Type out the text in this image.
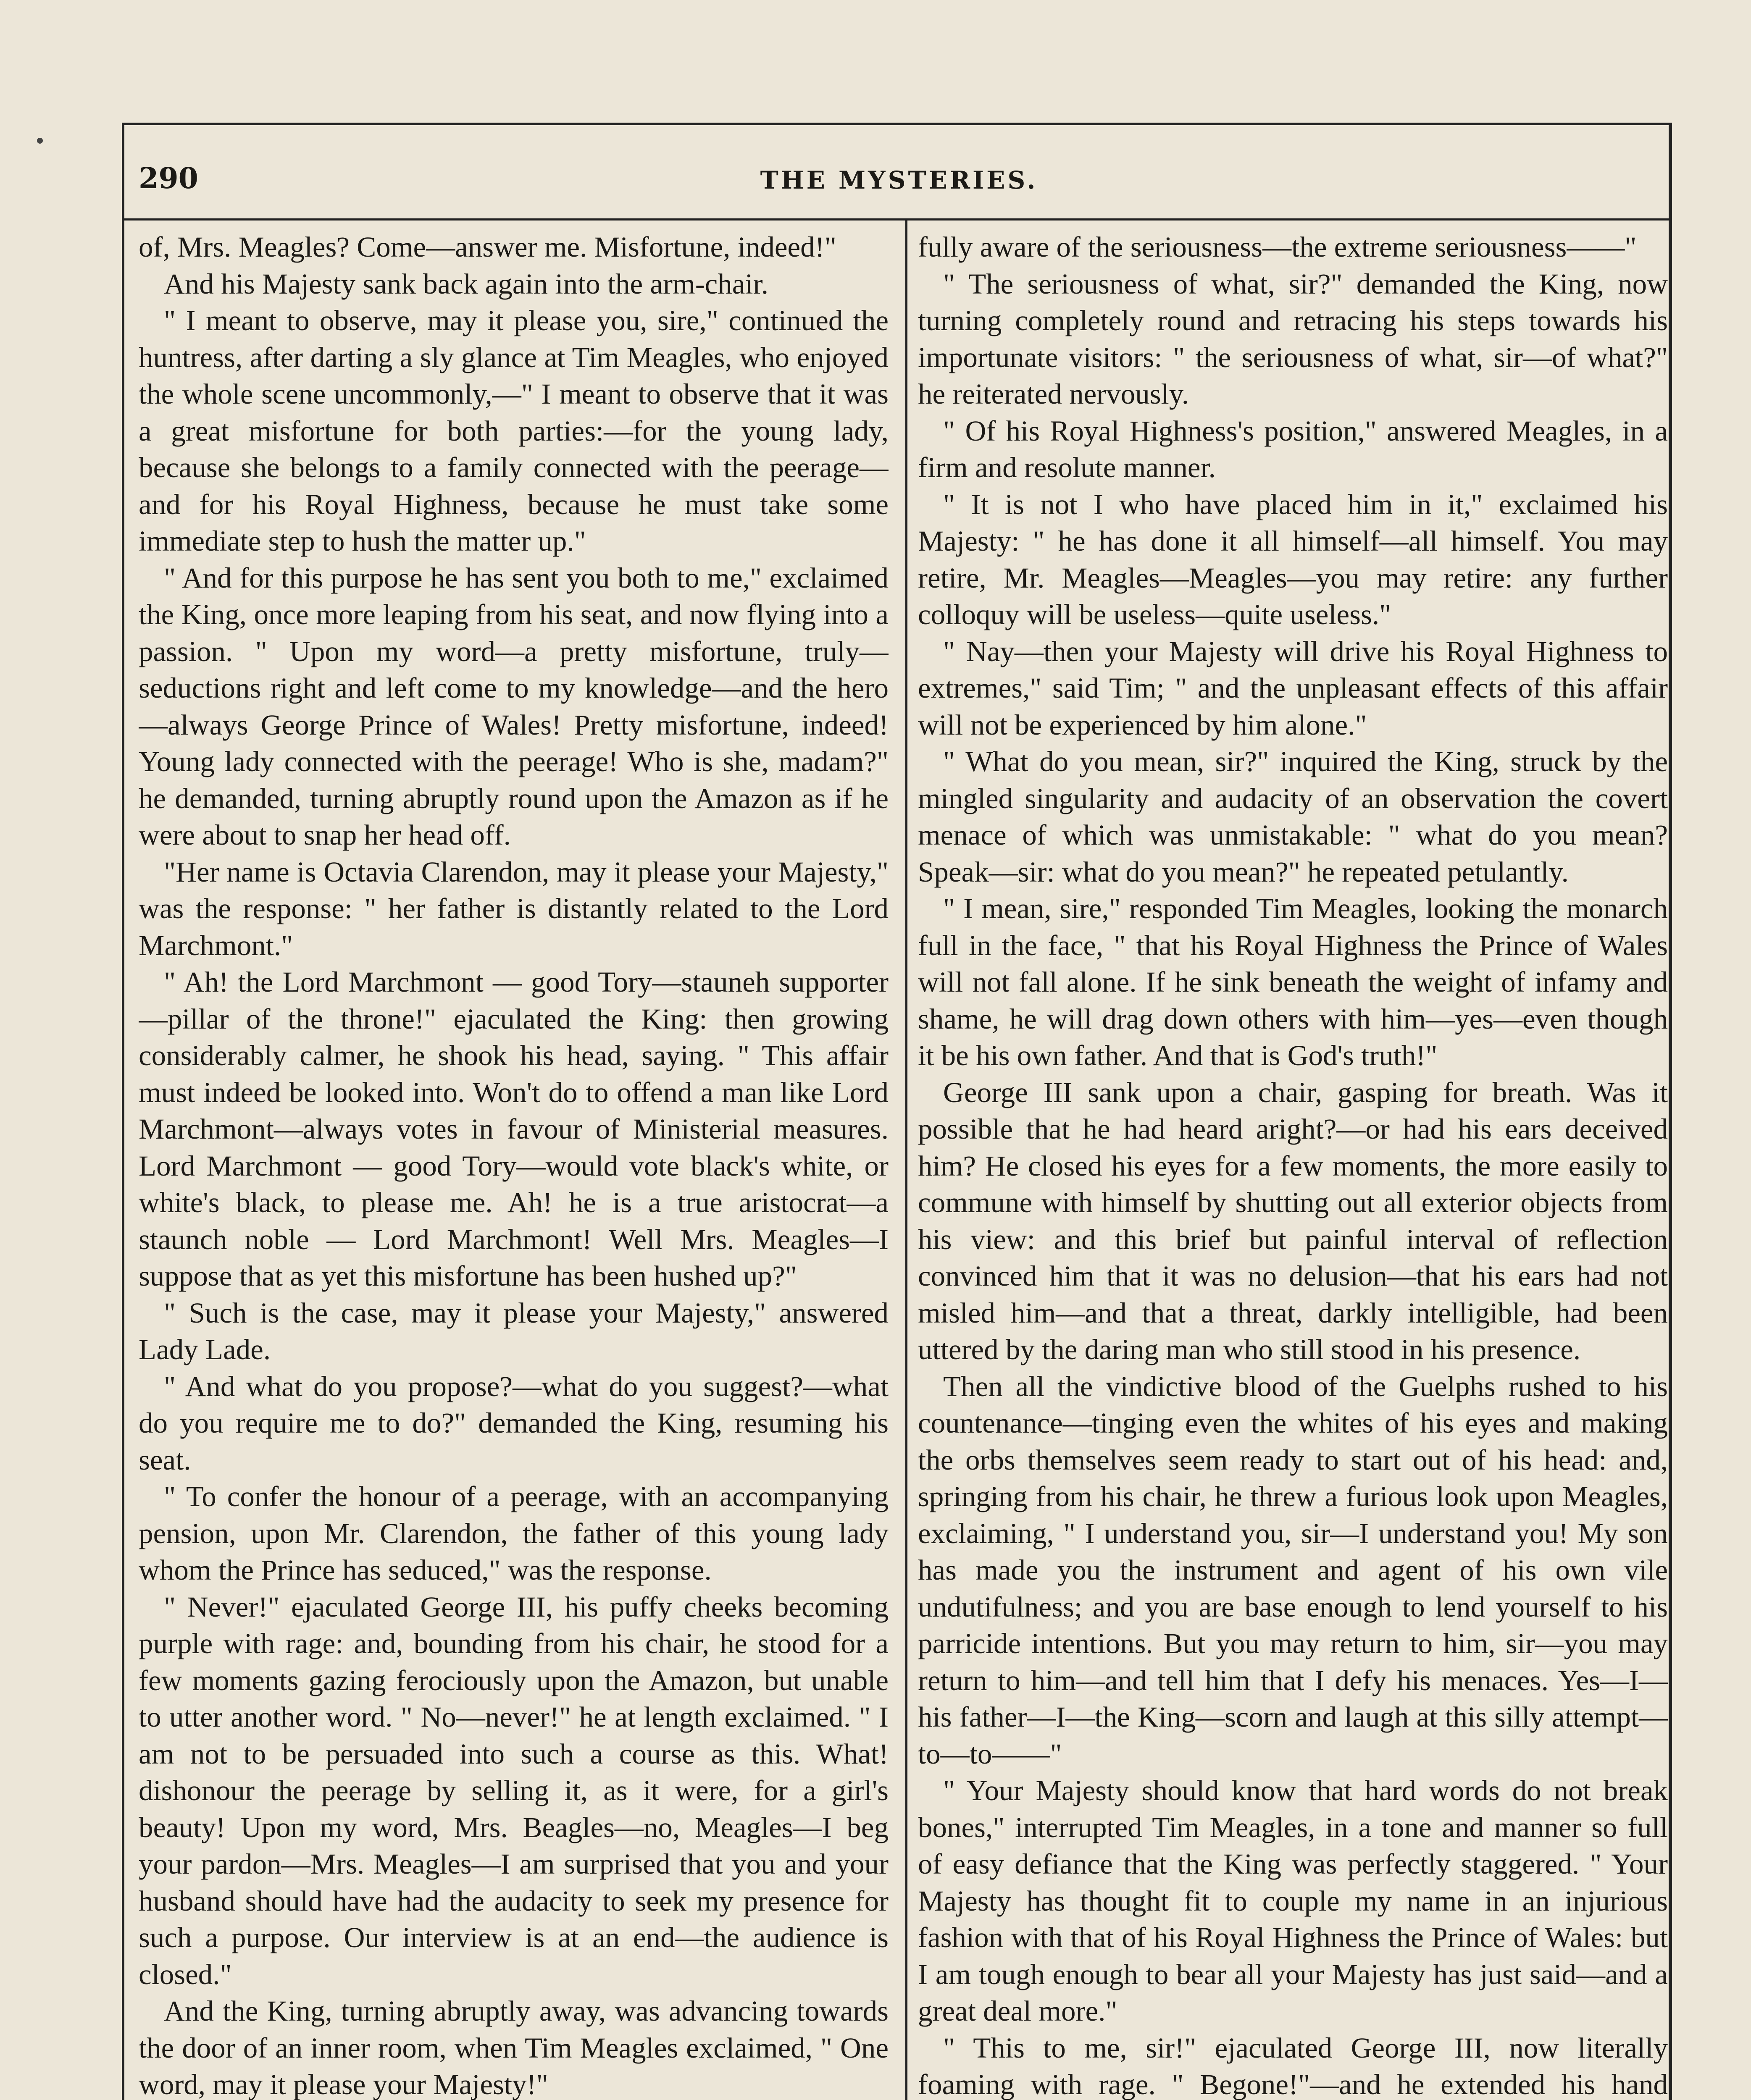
290	THE MYSTERIES.

of, Mrs. Meagles? Come—answer me. Misfortune, indeed!"

And his Majesty sank back again into the arm-chair.

" I meant to observe, may it please you, sire," continued the huntress, after darting a sly glance at Tim Meagles, who enjoyed the whole scene uncommonly,—" I meant to observe that it was a great misfortune for both parties:—for the young lady, because she belongs to a family connected with the peerage—and for his Royal Highness, because he must take some immediate step to hush the matter up."

" And for this purpose he has sent you both to me," exclaimed the King, once more leaping from his seat, and now flying into a passion. " Upon my word—a pretty misfortune, truly—seductions right and left come to my knowledge—and the hero—always George Prince of Wales! Pretty misfortune, indeed! Young lady connected with the peerage! Who is she, madam?" he demanded, turning abruptly round upon the Amazon as if he were about to snap her head off.

"Her name is Octavia Clarendon, may it please your Majesty," was the response: " her father is distantly related to the Lord Marchmont."

" Ah! the Lord Marchmont — good Tory—stauneh supporter—pillar of the throne!" ejaculated the King: then growing considerably calmer, he shook his head, saying. " This affair must indeed be looked into. Won't do to offend a man like Lord Marchmont—always votes in favour of Ministerial measures. Lord Marchmont — good Tory—would vote black's white, or white's black, to please me. Ah! he is a true aristocrat—a staunch noble — Lord Marchmont! Well Mrs. Meagles—I suppose that as yet this misfortune has been hushed up?"

" Such is the case, may it please your Majesty," answered Lady Lade.

" And what do you propose?—what do you suggest?—what do you require me to do?" demanded the King, resuming his seat.

" To confer the honour of a peerage, with an accompanying pension, upon Mr. Clarendon, the father of this young lady whom the Prince has seduced," was the response.

" Never!" ejaculated George III, his puffy cheeks becoming purple with rage: and, bounding from his chair, he stood for a few moments gazing ferociously upon the Amazon, but unable to utter another word. " No—never!" he at length exclaimed. " I am not to be persuaded into such a course as this. What! dishonour the peerage by selling it, as it were, for a girl's beauty! Upon my word, Mrs. Beagles—no, Meagles—I beg your pardon—Mrs. Meagles—I am surprised that you and your husband should have had the audacity to seek my presence for such a purpose. Our interview is at an end—the audience is closed."

And the King, turning abruptly away, was advancing towards the door of an inner room, when Tim Meagles exclaimed, " One word, may it please your Majesty!"

fully aware of the seriousness—the extreme seriousness——"

" The seriousness of what, sir?" demanded the King, now turning completely round and retracing his steps towards his importunate visitors: " the seriousness of what, sir—of what?" he reiterated nervously.

" Of his Royal Highness's position," answered Meagles, in a firm and resolute manner.

" It is not I who have placed him in it," exclaimed his Majesty: " he has done it all himself—all himself. You may retire, Mr. Meagles—Meagles—you may retire: any further colloquy will be useless—quite useless."

" Nay—then your Majesty will drive his Royal Highness to extremes," said Tim; " and the unpleasant effects of this affair will not be experienced by him alone."

" What do you mean, sir?" inquired the King, struck by the mingled singularity and audacity of an observation the covert menace of which was unmistakable: " what do you mean? Speak—sir: what do you mean?" he repeated petulantly.

" I mean, sire," responded Tim Meagles, looking the monarch full in the face, " that his Royal Highness the Prince of Wales will not fall alone. If he sink beneath the weight of infamy and shame, he will drag down others with him—yes—even though it be his own father. And that is God's truth!"

George III sank upon a chair, gasping for breath. Was it possible that he had heard aright?—or had his ears deceived him? He closed his eyes for a few moments, the more easily to commune with himself by shutting out all exterior objects from his view: and this brief but painful interval of reflection convinced him that it was no delusion—that his ears had not misled him—and that a threat, darkly intelligible, had been uttered by the daring man who still stood in his presence.

Then all the vindictive blood of the Guelphs rushed to his countenance—tinging even the whites of his eyes and making the orbs themselves seem ready to start out of his head: and, springing from his chair, he threw a furious look upon Meagles, exclaiming, " I understand you, sir—I understand you! My son has made you the instrument and agent of his own vile undutifulness; and you are base enough to lend yourself to his parricide intentions. But you may return to him, sir—you may return to him—and tell him that I defy his menaces. Yes—I—his father—I—the King—scorn and laugh at this silly attempt—to—to——"

" Your Majesty should know that hard words do not break bones," interrupted Tim Meagles, in a tone and manner so full of easy defiance that the King was perfectly staggered. " Your Majesty has thought fit to couple my name in an injurious fashion with that of his Royal Highness the Prince of Wales: but I am tough enough to bear all your Majesty has just said—and a great deal more."

" This to me, sir!" ejaculated George III, now literally foaming with rage. " Begone!"—and he extended his hand
